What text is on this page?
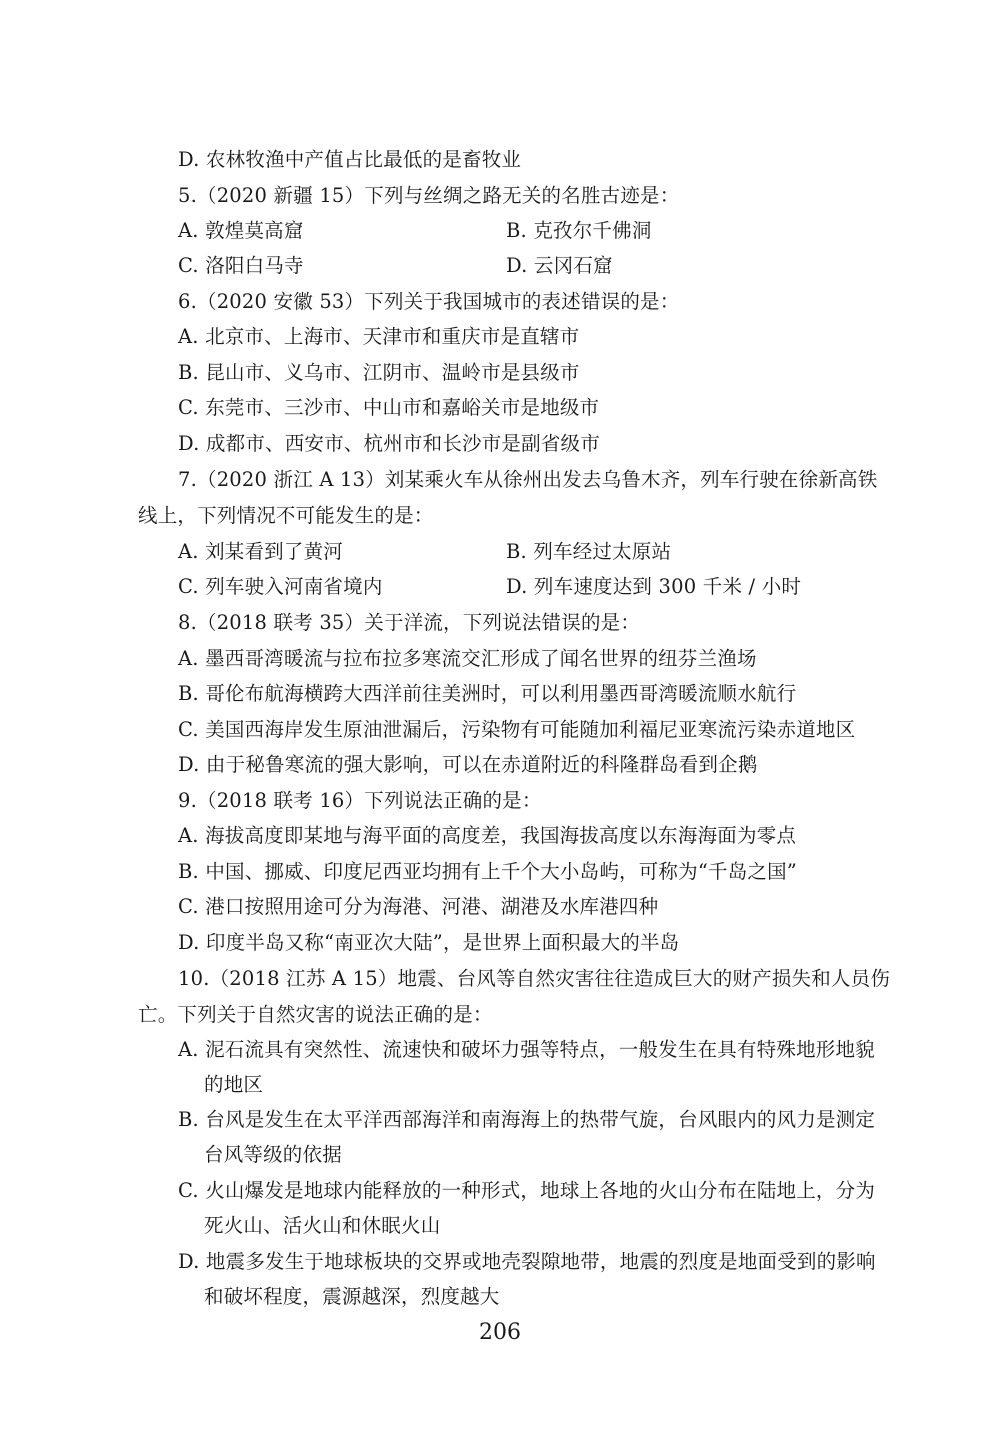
D. 农林牧渔中产值占比最低的是畜牧业
5.（2020 新疆 15）下列与丝绸之路无关的名胜古迹是：
A. 敦煌莫高窟	B. 克孜尔千佛洞
C. 洛阳白马寺	D. 云冈石窟
6.（2020 安徽 53）下列关于我国城市的表述错误的是：
A. 北京市、上海市、天津市和重庆市是直辖市
B. 昆山市、义乌市、江阴市、温岭市是县级市
C. 东莞市、三沙市、中山市和嘉峪关市是地级市
D. 成都市、西安市、杭州市和长沙市是副省级市
7.（2020 浙江 A 13）刘某乘火车从徐州出发去乌鲁木齐，列车行驶在徐新高铁
线上，下列情况不可能发生的是：
A. 刘某看到了黄河	B. 列车经过太原站
C. 列车驶入河南省境内	D. 列车速度达到 300 千米 / 小时
8.（2018 联考 35）关于洋流，下列说法错误的是：
A. 墨西哥湾暖流与拉布拉多寒流交汇形成了闻名世界的纽芬兰渔场
B. 哥伦布航海横跨大西洋前往美洲时，可以利用墨西哥湾暖流顺水航行
C. 美国西海岸发生原油泄漏后，污染物有可能随加利福尼亚寒流污染赤道地区
D. 由于秘鲁寒流的强大影响，可以在赤道附近的科隆群岛看到企鹅
9.（2018 联考 16）下列说法正确的是：
A. 海拔高度即某地与海平面的高度差，我国海拔高度以东海海面为零点
B. 中国、挪威、印度尼西亚均拥有上千个大小岛屿，可称为“千岛之国”
C. 港口按照用途可分为海港、河港、湖港及水库港四种
D. 印度半岛又称“南亚次大陆”，是世界上面积最大的半岛
10.（2018 江苏 A 15）地震、台风等自然灾害往往造成巨大的财产损失和人员伤
亡。下列关于自然灾害的说法正确的是：
A. 泥石流具有突然性、流速快和破坏力强等特点，一般发生在具有特殊地形地貌
的地区
B. 台风是发生在太平洋西部海洋和南海海上的热带气旋，台风眼内的风力是测定
台风等级的依据
C. 火山爆发是地球内能释放的一种形式，地球上各地的火山分布在陆地上，分为
死火山、活火山和休眠火山
D. 地震多发生于地球板块的交界或地壳裂隙地带，地震的烈度是地面受到的影响
和破坏程度，震源越深，烈度越大
206
